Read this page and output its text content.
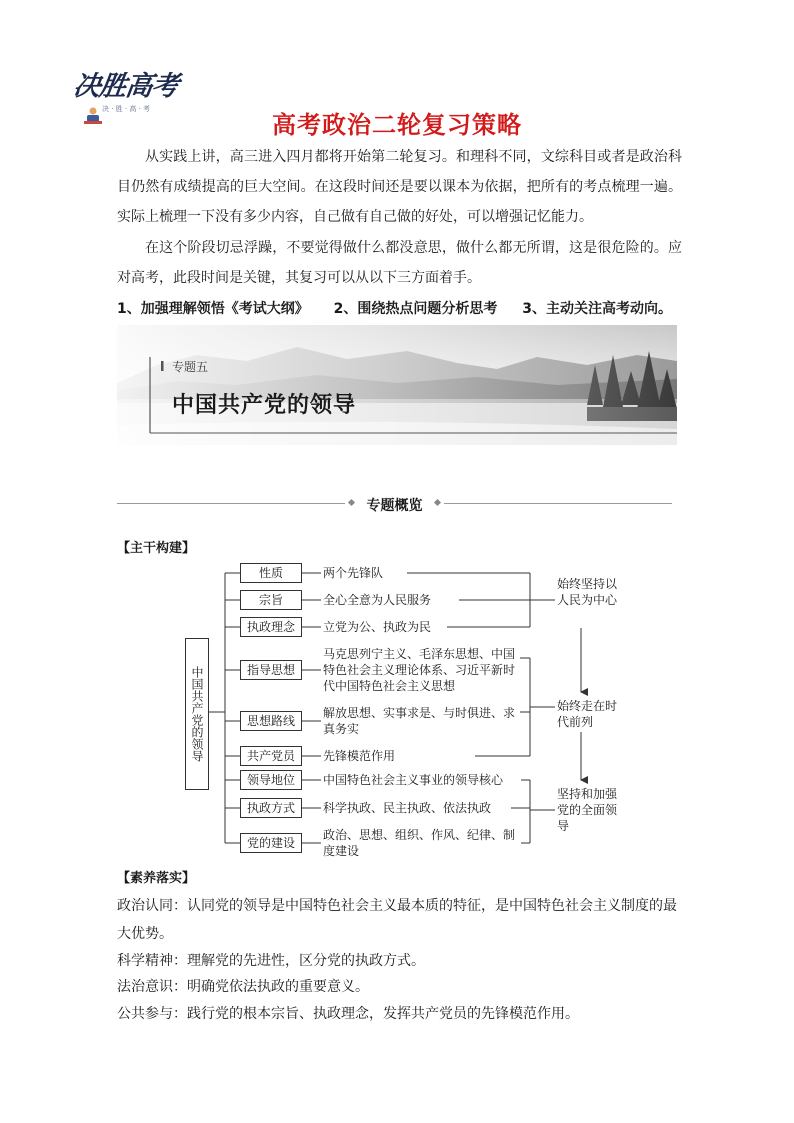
决胜高考
决 · 胜 · 高 · 考
高考政治二轮复习策略

从实践上讲，高三进入四月都将开始第二轮复习。和理科不同，文综科目或者是政治科目仍然有成绩提高的巨大空间。在这段时间还是要以课本为依据，把所有的考点梳理一遍。实际上梳理一下没有多少内容，自己做有自己做的好处，可以增强记忆能力。

在这个阶段切忌浮躁，不要觉得做什么都没意思，做什么都无所谓，这是很危险的。应对高考，此段时间是关键，其复习可以从以下三方面着手。

1、加强理解领悟《考试大纲》 2、围绕热点问题分析思考 3、主动关注高考动向。
专题五
中国共产党的领导
专题概览
【主干构建】
中国共产党的领导
性质
宗旨
执政理念
指导思想
思想路线
共产党员
领导地位
执政方式
党的建设
两个先锋队
全心全意为人民服务
立党为公、执政为民
马克思列宁主义、毛泽东思想、中国特色社会主义理论体系、习近平新时代中国特色社会主义思想
解放思想、实事求是、与时俱进、求真务实
先锋模范作用
中国特色社会主义事业的领导核心
科学执政、民主执政、依法执政
政治、思想、组织、作风、纪律、制度建设
始终坚持以人民为中心
始终走在时代前列
坚持和加强党的全面领导
【素养落实】

政治认同：认同党的领导是中国特色社会主义最本质的特征，是中国特色社会主义制度的最大优势。

科学精神：理解党的先进性，区分党的执政方式。

法治意识：明确党依法执政的重要意义。

公共参与：践行党的根本宗旨、执政理念，发挥共产党员的先锋模范作用。
